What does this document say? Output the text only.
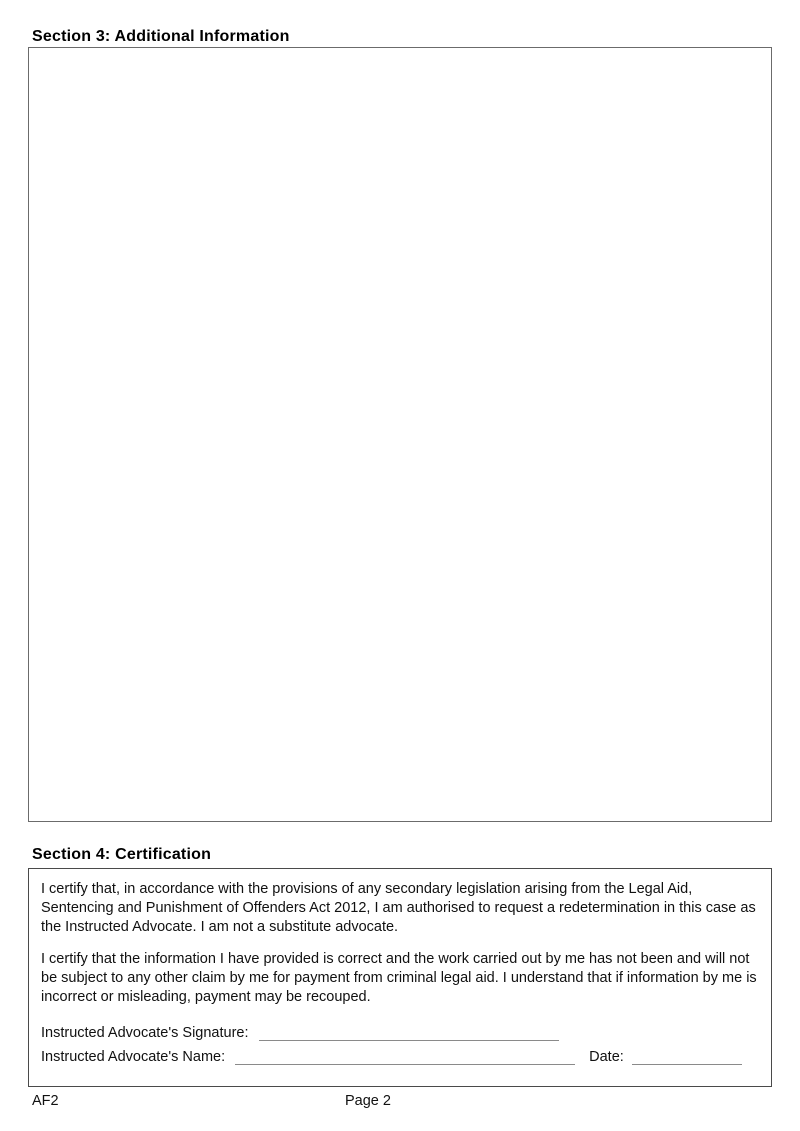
Section 3: Additional Information
Section 4: Certification
I certify that, in accordance with the provisions of any secondary legislation arising from the Legal Aid, Sentencing and Punishment of Offenders Act 2012, I am authorised to request a redetermination in this case as the Instructed Advocate. I am not a substitute advocate.
I certify that the information I have provided is correct and the work carried out by me has not been and will not be subject to any other claim by me for payment from criminal legal aid. I understand that if information by me is incorrect or misleading, payment may be recouped.
Instructed Advocate's Signature:
Instructed Advocate's Name:	Date:
AF2	Page 2
